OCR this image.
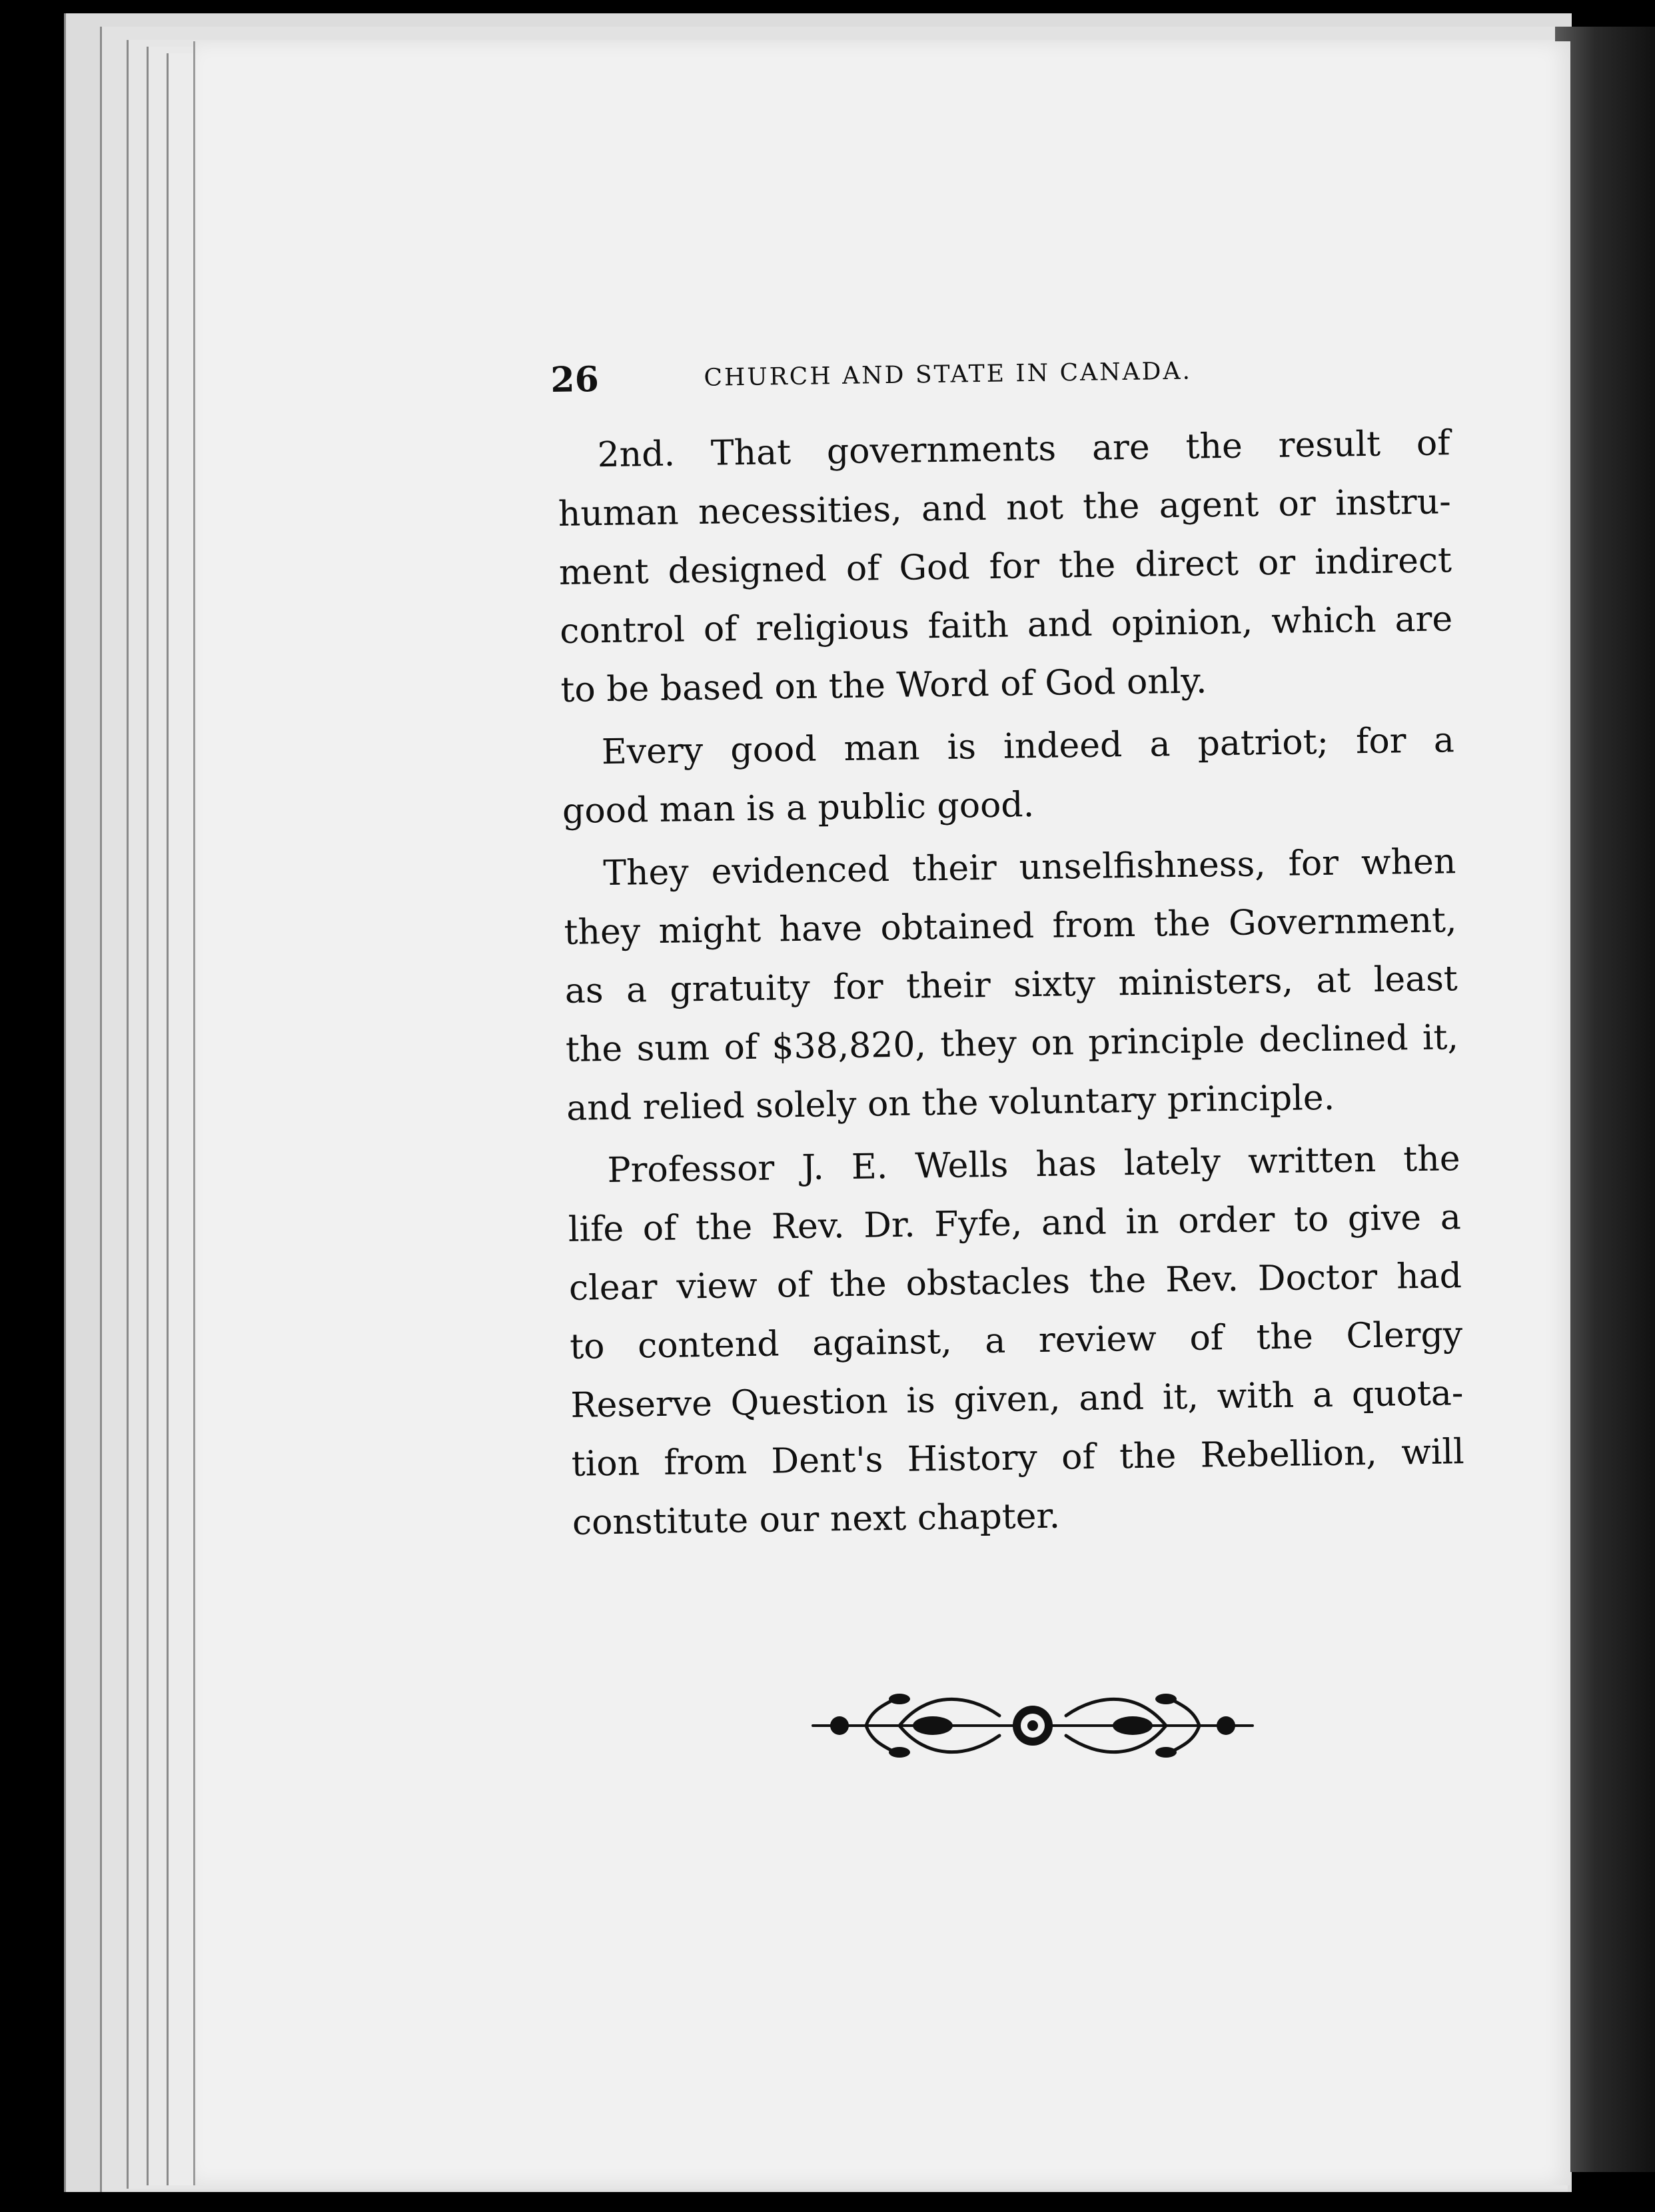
26	CHURCH AND STATE IN CANADA.
2nd. That governments are the result of
human necessities, and not the agent or instru-
ment designed of God for the direct or indirect
control of religious faith and opinion, which are
to be based on the Word of God only.
Every good man is indeed a patriot; for a
good man is a public good.
They evidenced their unselfishness, for when
they might have obtained from the Government,
as a gratuity for their sixty ministers, at least
the sum of $38,820, they on principle declined it,
and relied solely on the voluntary principle.
Professor J. E. Wells has lately written the
life of the Rev. Dr. Fyfe, and in order to give a
clear view of the obstacles the Rev. Doctor had
to contend against, a review of the Clergy
Reserve Question is given, and it, with a quota-
tion from Dent's History of the Rebellion, will
constitute our next chapter.
